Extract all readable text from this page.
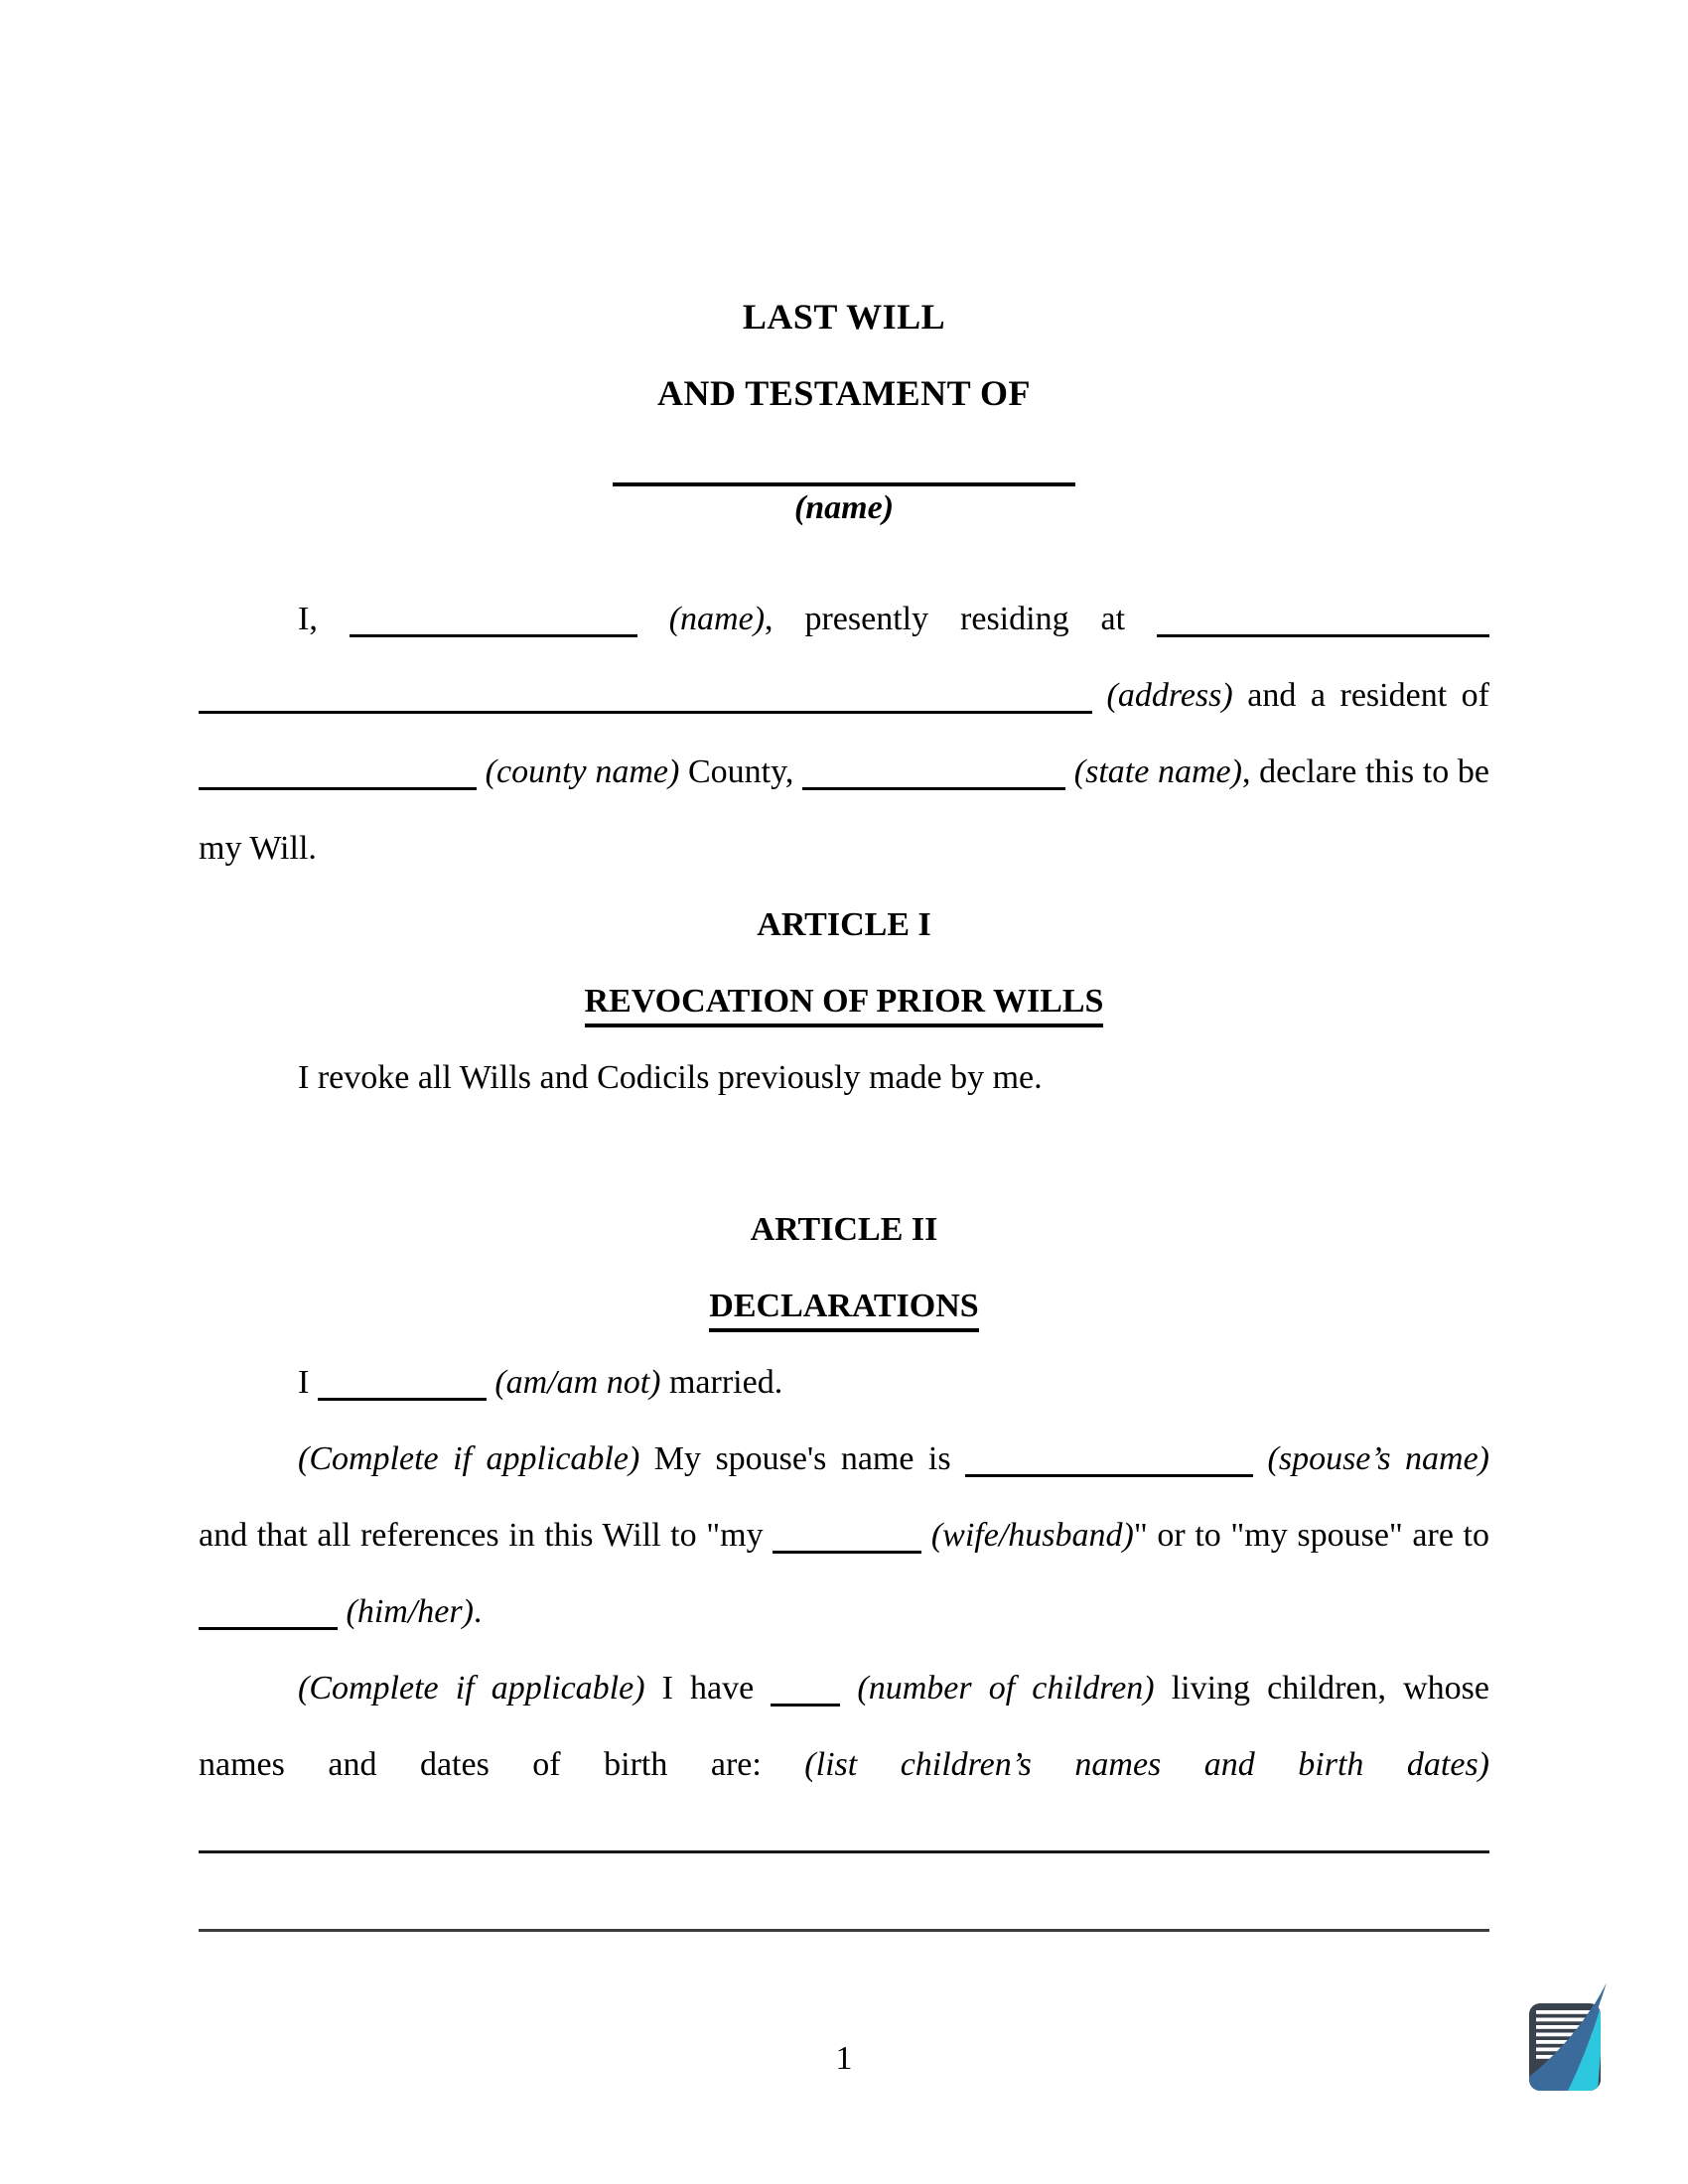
LAST WILL
AND TESTAMENT OF
(name)

I,	(name), presently residing at   (address) and a resident of  (county name) County,	(state name), declare this to be my Will.

ARTICLE I
REVOCATION OF PRIOR WILLS

I revoke all Wills and Codicils previously made by me.

ARTICLE II
DECLARATIONS

I	(am/am not) married.

(Complete if applicable) My spouse's name is	(spouse’s name) and that all references in this Will to "my	(wife/husband)" or to "my spouse" are to  (him/her).

(Complete if applicable) I have  (number of children) living children, whose names and dates of birth are: (list children’s names and birth dates)

1
